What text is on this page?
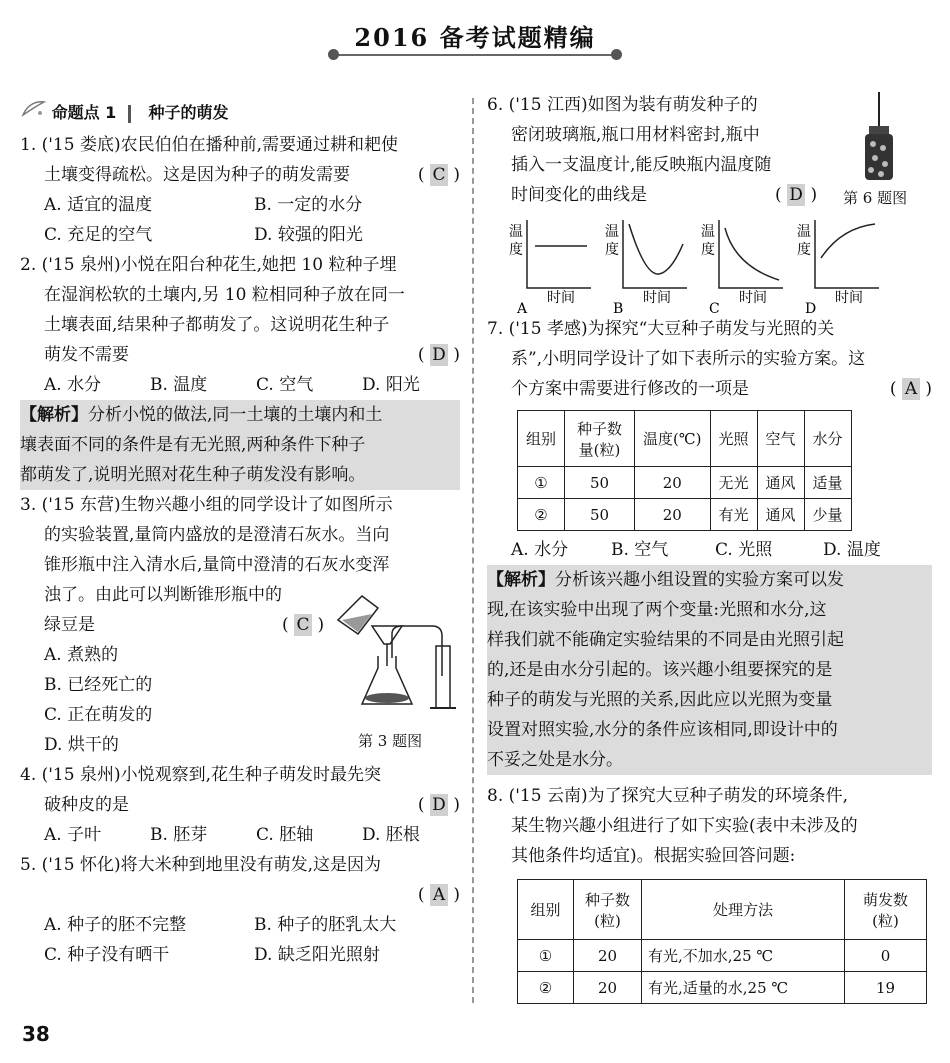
2016 备考试题精编
命题点 1 种子的萌发
1. ('15 娄底)农民伯伯在播种前,需要通过耕和耙使
土壤变得疏松。这是因为种子的萌发需要	( C )
A. 适宜的温度	B. 一定的水分
C. 充足的空气	D. 较强的阳光
2. ('15 泉州)小悦在阳台种花生,她把 10 粒种子埋
在湿润松软的土壤内,另 10 粒相同种子放在同一
土壤表面,结果种子都萌发了。这说明花生种子
萌发不需要	( D )
A. 水分	B. 温度	C. 空气	D. 阳光
【解析】分析小悦的做法,同一土壤的土壤内和土
壤表面不同的条件是有无光照,两种条件下种子
都萌发了,说明光照对花生种子萌发没有影响。
3. ('15 东营)生物兴趣小组的同学设计了如图所示
的实验装置,量筒内盛放的是澄清石灰水。当向
锥形瓶中注入清水后,量筒中澄清的石灰水变浑
浊了。由此可以判断锥形瓶中的
绿豆是	( C )
A. 煮熟的
B. 已经死亡的
C. 正在萌发的
D. 烘干的	第 3 题图
4. ('15 泉州)小悦观察到,花生种子萌发时最先突
破种皮的是	( D )
A. 子叶	B. 胚芽	C. 胚轴	D. 胚根
5. ('15 怀化)将大米种到地里没有萌发,这是因为
( A )
A. 种子的胚不完整	B. 种子的胚乳太大
C. 种子没有晒干	D. 缺乏阳光照射
6. ('15 江西)如图为装有萌发种子的
密闭玻璃瓶,瓶口用材料密封,瓶中
插入一支温度计,能反映瓶内温度随
时间变化的曲线是	( D ) 第 6 题图
温
度
时间
A
温
度
时间
B
温
度
时间
C
温
度
时间
D
7. ('15 孝感)为探究“大豆种子萌发与光照的关
系”,小明同学设计了如下表所示的实验方案。这
个方案中需要进行修改的一项是	( A )
组别	种子数量(粒)	温度(℃)	光照	空气	水分
①	50	20	无光	通风	适量
②	50	20	有光	通风	少量
A. 水分	B. 空气	C. 光照	D. 温度
【解析】分析该兴趣小组设置的实验方案可以发
现,在该实验中出现了两个变量:光照和水分,这
样我们就不能确定实验结果的不同是由光照引起
的,还是由水分引起的。该兴趣小组要探究的是
种子的萌发与光照的关系,因此应以光照为变量
设置对照实验,水分的条件应该相同,即设计中的
不妥之处是水分。
8. ('15 云南)为了探究大豆种子萌发的环境条件,
某生物兴趣小组进行了如下实验(表中未涉及的
其他条件均适宜)。根据实验回答问题:
组别	种子数(粒)	处理方法	萌发数(粒)
①	20	有光,不加水,25 ℃	0
②	20	有光,适量的水,25 ℃	19
38
